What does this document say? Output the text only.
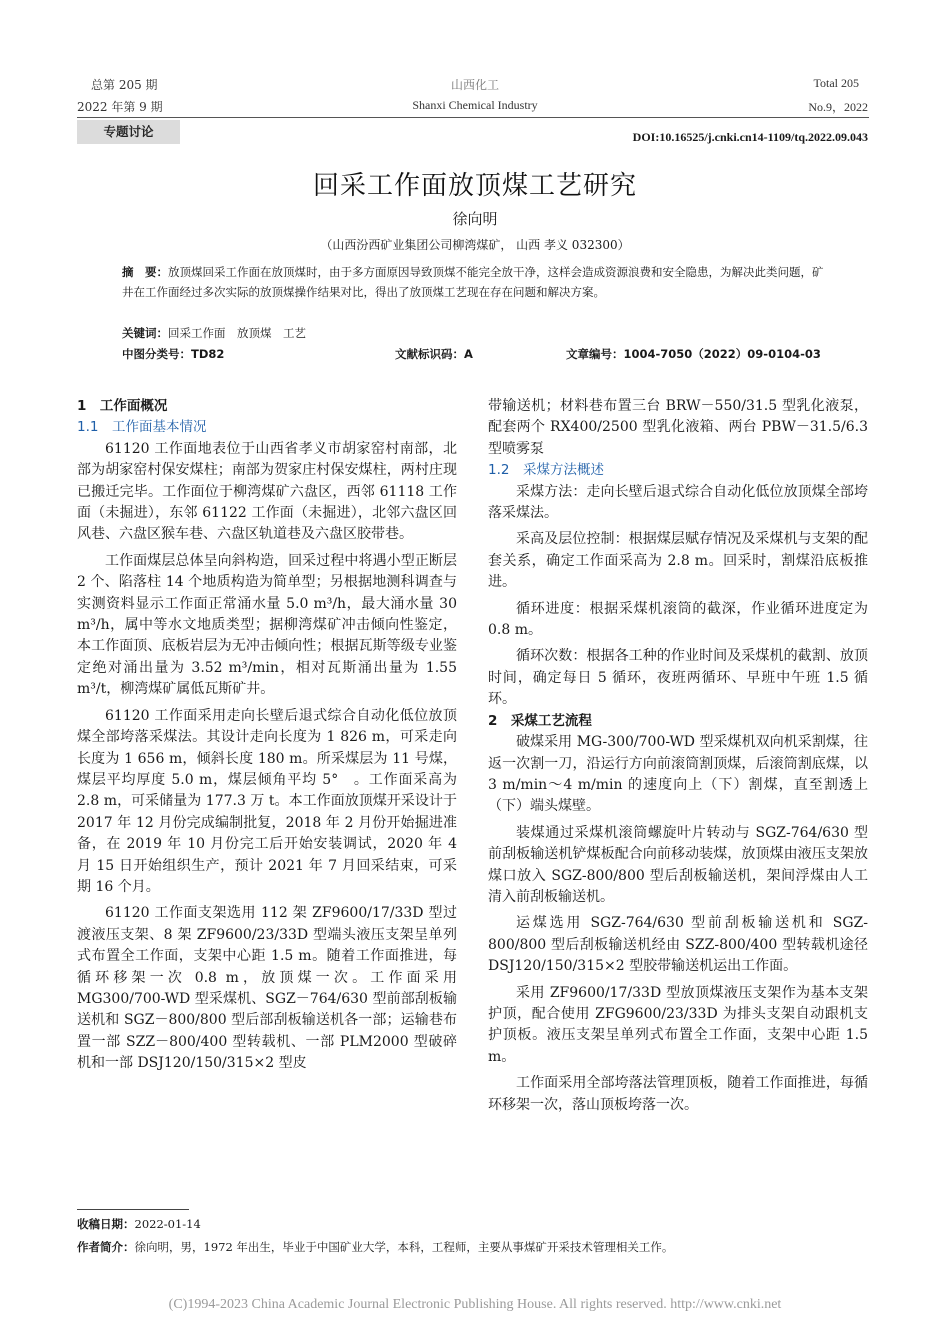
总第 205 期
2022 年第 9 期
山西化工
Shanxi Chemical Industry
Total 205
No.9，2022
专题讨论	DOI:10.16525/j.cnki.cn14-1109/tq.2022.09.043
回采工作面放顶煤工艺研究
徐向明
（山西汾西矿业集团公司柳湾煤矿， 山西 孝义 032300）
摘　要：放顶煤回采工作面在放顶煤时，由于多方面原因导致顶煤不能完全放干净，这样会造成资源浪费和安全隐患，为解决此类问题，矿井在工作面经过多次实际的放顶煤操作结果对比，得出了放顶煤工艺现在存在问题和解决方案。
关键词：回采工作面　放顶煤　工艺
中图分类号：TD82	文献标识码：A	文章编号：1004-7050（2022）09-0104-03
1　工作面概况
1.1　工作面基本情况

61120 工作面地表位于山西省孝义市胡家窑村南部，北部为胡家窑村保安煤柱；南部为贺家庄村保安煤柱，两村庄现已搬迁完毕。工作面位于柳湾煤矿六盘区，西邻 61118 工作面（未掘进），东邻 61122 工作面（未掘进），北邻六盘区回风巷、六盘区猴车巷、六盘区轨道巷及六盘区胶带巷。

工作面煤层总体呈向斜构造，回采过程中将遇小型正断层 2 个、陷落柱 14 个地质构造为简单型；另根据地测科调查与实测资料显示工作面正常涌水量 5.0 m³/h，最大涌水量 30 m³/h，属中等水文地质类型；据柳湾煤矿冲击倾向性鉴定，本工作面顶、底板岩层为无冲击倾向性；根据瓦斯等级专业鉴定绝对涌出量为 3.52 m³/min，相对瓦斯涌出量为 1.55 m³/t，柳湾煤矿属低瓦斯矿井。

61120 工作面采用走向长壁后退式综合自动化低位放顶煤全部垮落采煤法。其设计走向长度为 1 826 m，可采走向长度为 1 656 m，倾斜长度 180 m。所采煤层为 11 号煤，煤层平均厚度 5.0 m，煤层倾角平均 5°　。工作面采高为 2.8 m，可采储量为 177.3 万 t。本工作面放顶煤开采设计于 2017 年 12 月份完成编制批复，2018 年 2 月份开始掘进准备，在 2019 年 10 月份完工后开始安装调试，2020 年 4 月 15 日开始组织生产，预计 2021 年 7 月回采结束，可采期 16 个月。

61120 工作面支架选用 112 架 ZF9600/17/33D 型过渡液压支架、8 架 ZF9600/23/33D 型端头液压支架呈单列式布置全工作面，支架中心距 1.5 m。随着工作面推进，每循环移架一次 0.8 m，放顶煤一次。工作面采用 MG300/700-WD 型采煤机、SGZ－764/630 型前部刮板输送机和 SGZ－800/800 型后部刮板输送机各一部；运输巷布置一部 SZZ－800/400 型转载机、一部 PLM2000 型破碎机和一部 DSJ120/150/315×2 型皮

带输送机；材料巷布置三台 BRW－550/31.5 型乳化液泵，配套两个 RX400/2500 型乳化液箱、两台 PBW－31.5/6.3 型喷雾泵

1.2　采煤方法概述

采煤方法：走向长壁后退式综合自动化低位放顶煤全部垮落采煤法。

采高及层位控制：根据煤层赋存情况及采煤机与支架的配套关系，确定工作面采高为 2.8 m。回采时，割煤沿底板推进。

循环进度：根据采煤机滚筒的截深，作业循环进度定为 0.8 m。

循环次数：根据各工种的作业时间及采煤机的截割、放顶时间，确定每日 5 循环，夜班两循环、早班中午班 1.5 循环。

2　采煤工艺流程

破煤采用 MG-300/700-WD 型采煤机双向机采割煤，往返一次割一刀，沿运行方向前滚筒割顶煤，后滚筒割底煤，以 3 m/min～4 m/min 的速度向上（下）割煤，直至割透上（下）端头煤壁。

装煤通过采煤机滚筒螺旋叶片转动与 SGZ-764/630 型前刮板输送机铲煤板配合向前移动装煤，放顶煤由液压支架放煤口放入 SGZ-800/800 型后刮板输送机，架间浮煤由人工清入前刮板输送机。

运煤选用 SGZ-764/630 型前刮板输送机和 SGZ-800/800 型后刮板输送机经由 SZZ-800/400 型转载机途径 DSJ120/150/315×2 型胶带输送机运出工作面。

采用 ZF9600/17/33D 型放顶煤液压支架作为基本支架护顶，配合使用 ZFG9600/23/33D 为排头支架自动跟机支护顶板。液压支架呈单列式布置全工作面，支架中心距 1.5 m。

工作面采用全部垮落法管理顶板，随着工作面推进，每循环移架一次，落山顶板垮落一次。

收稿日期：2022-01-14
作者简介：徐向明，男，1972 年出生，毕业于中国矿业大学，本科，工程师，主要从事煤矿开采技术管理相关工作。
(C)1994-2023 China Academic Journal Electronic Publishing House. All rights reserved. http://www.cnki.net
